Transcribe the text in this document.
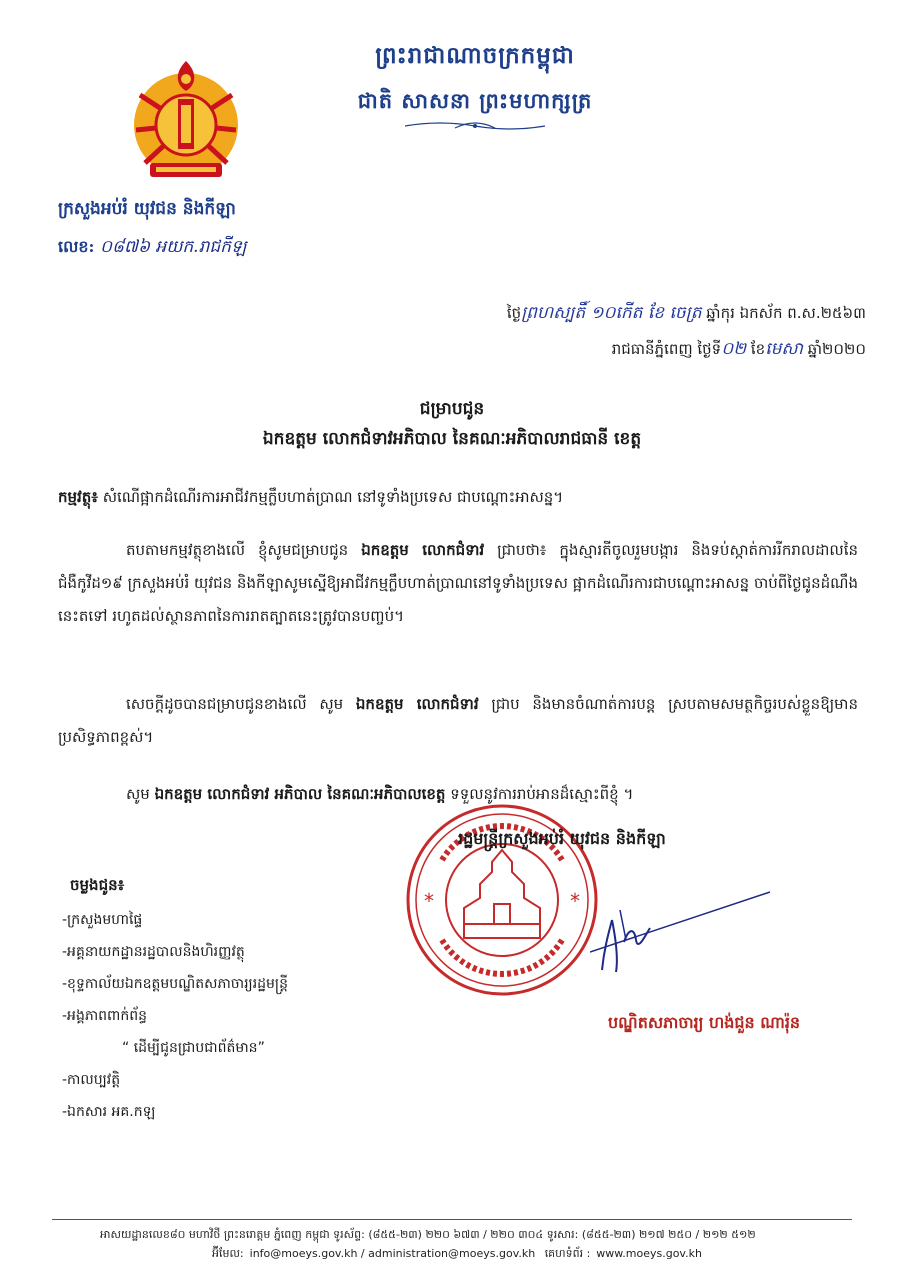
ព្រះរាជាណាចក្រកម្ពុជា
ជាតិ សាសនា ព្រះមហាក្សត្រ
ក្រសួងអប់រំ យុវជន និងកីឡា
លេខ: ០៨៧៦ អយក.រាជកីឡ
ថ្ងៃព្រហស្បតិ៍ ១០កើត ខែ ចេត្រ ឆ្នាំកុរ ឯកស័ក ព.ស.២៥៦៣
រាជធានីភ្នំពេញ ថ្ងៃទី០២ ខែមេសា ឆ្នាំ២០២០
ជម្រាបជូន
ឯកឧត្តម លោកជំទាវអភិបាល នៃគណៈអភិបាលរាជធានី ខេត្ត
កម្មវត្ថុ៖ សំណើផ្អាកដំណើរការអាជីវកម្មក្លឹបហាត់ប្រាណ នៅទូទាំងប្រទេស ជាបណ្តោះអាសន្ន។
តបតាមកម្មវត្ថុខាងលើ ខ្ញុំសូមជម្រាបជូន ឯកឧត្តម លោកជំទាវ ជ្រាបថា៖ ក្នុងស្មារតីចូលរួមបង្ការ និងទប់ស្កាត់ការរីករាលដាលនៃជំងឺកូវីដ១៩ ក្រសួងអប់រំ យុវជន និងកីឡាសូមស្នើឱ្យអាជីវកម្មក្លឹបហាត់ប្រាណនៅទូទាំងប្រទេស ផ្អាកដំណើរការជាបណ្តោះអាសន្ន ចាប់ពីថ្ងៃជូនដំណឹងនេះតទៅ រហូតដល់ស្ថានភាពនៃការរាតត្បាតនេះត្រូវបានបញ្ចប់។
សេចក្តីដូចបានជម្រាបជូនខាងលើ សូម ឯកឧត្តម លោកជំទាវ ជ្រាប និងមានចំណាត់ការបន្ត ស្របតាមសមត្ថកិច្ចរបស់ខ្លួនឱ្យមានប្រសិទ្ធភាពខ្ពស់។
សូម ឯកឧត្តម លោកជំទាវ អភិបាល នៃគណៈអភិបាលខេត្ត ទទួលនូវការរាប់អានដ៏ស្មោះពីខ្ញុំ ។
*
*
រដ្ឋមន្ត្រីក្រសួងអប់រំ យុវជន និងកីឡា
បណ្ឌិតសភាចារ្យ ហង់ជួន ណារ៉ុន
ចម្លងជូន៖
-ក្រសួងមហាផ្ទៃ
-អគ្គនាយកដ្ឋានរដ្ឋបាលនិងហិរញ្ញវត្ថុ
-ខុទ្ទកាល័យឯកឧត្តមបណ្ឌិតសភាចារ្យរដ្ឋមន្ត្រី
-អង្គភាពពាក់ព័ន្ធ
“ ដើម្បីជូនជ្រាបជាព័ត៌មាន”
-កាលប្បវត្តិ
-ឯកសារ អគ.កឡ
អាសយដ្ឋានលេខ៨០ មហាវិថី ព្រះនរោត្តម ភ្នំពេញ កម្ពុជា ទូរស័ព្ទ: (៨៥៥-២៣) ២២០ ៦៧៣ / ២២០ ៣០៤ ទូរសារ: (៨៥៥-២៣) ២១៧ ២៥០ / ២១២ ៥១២
អ៊ីមែល: info@moeys.gov.kh / administration@moeys.gov.kh គេហទំព័រ : www.moeys.gov.kh
